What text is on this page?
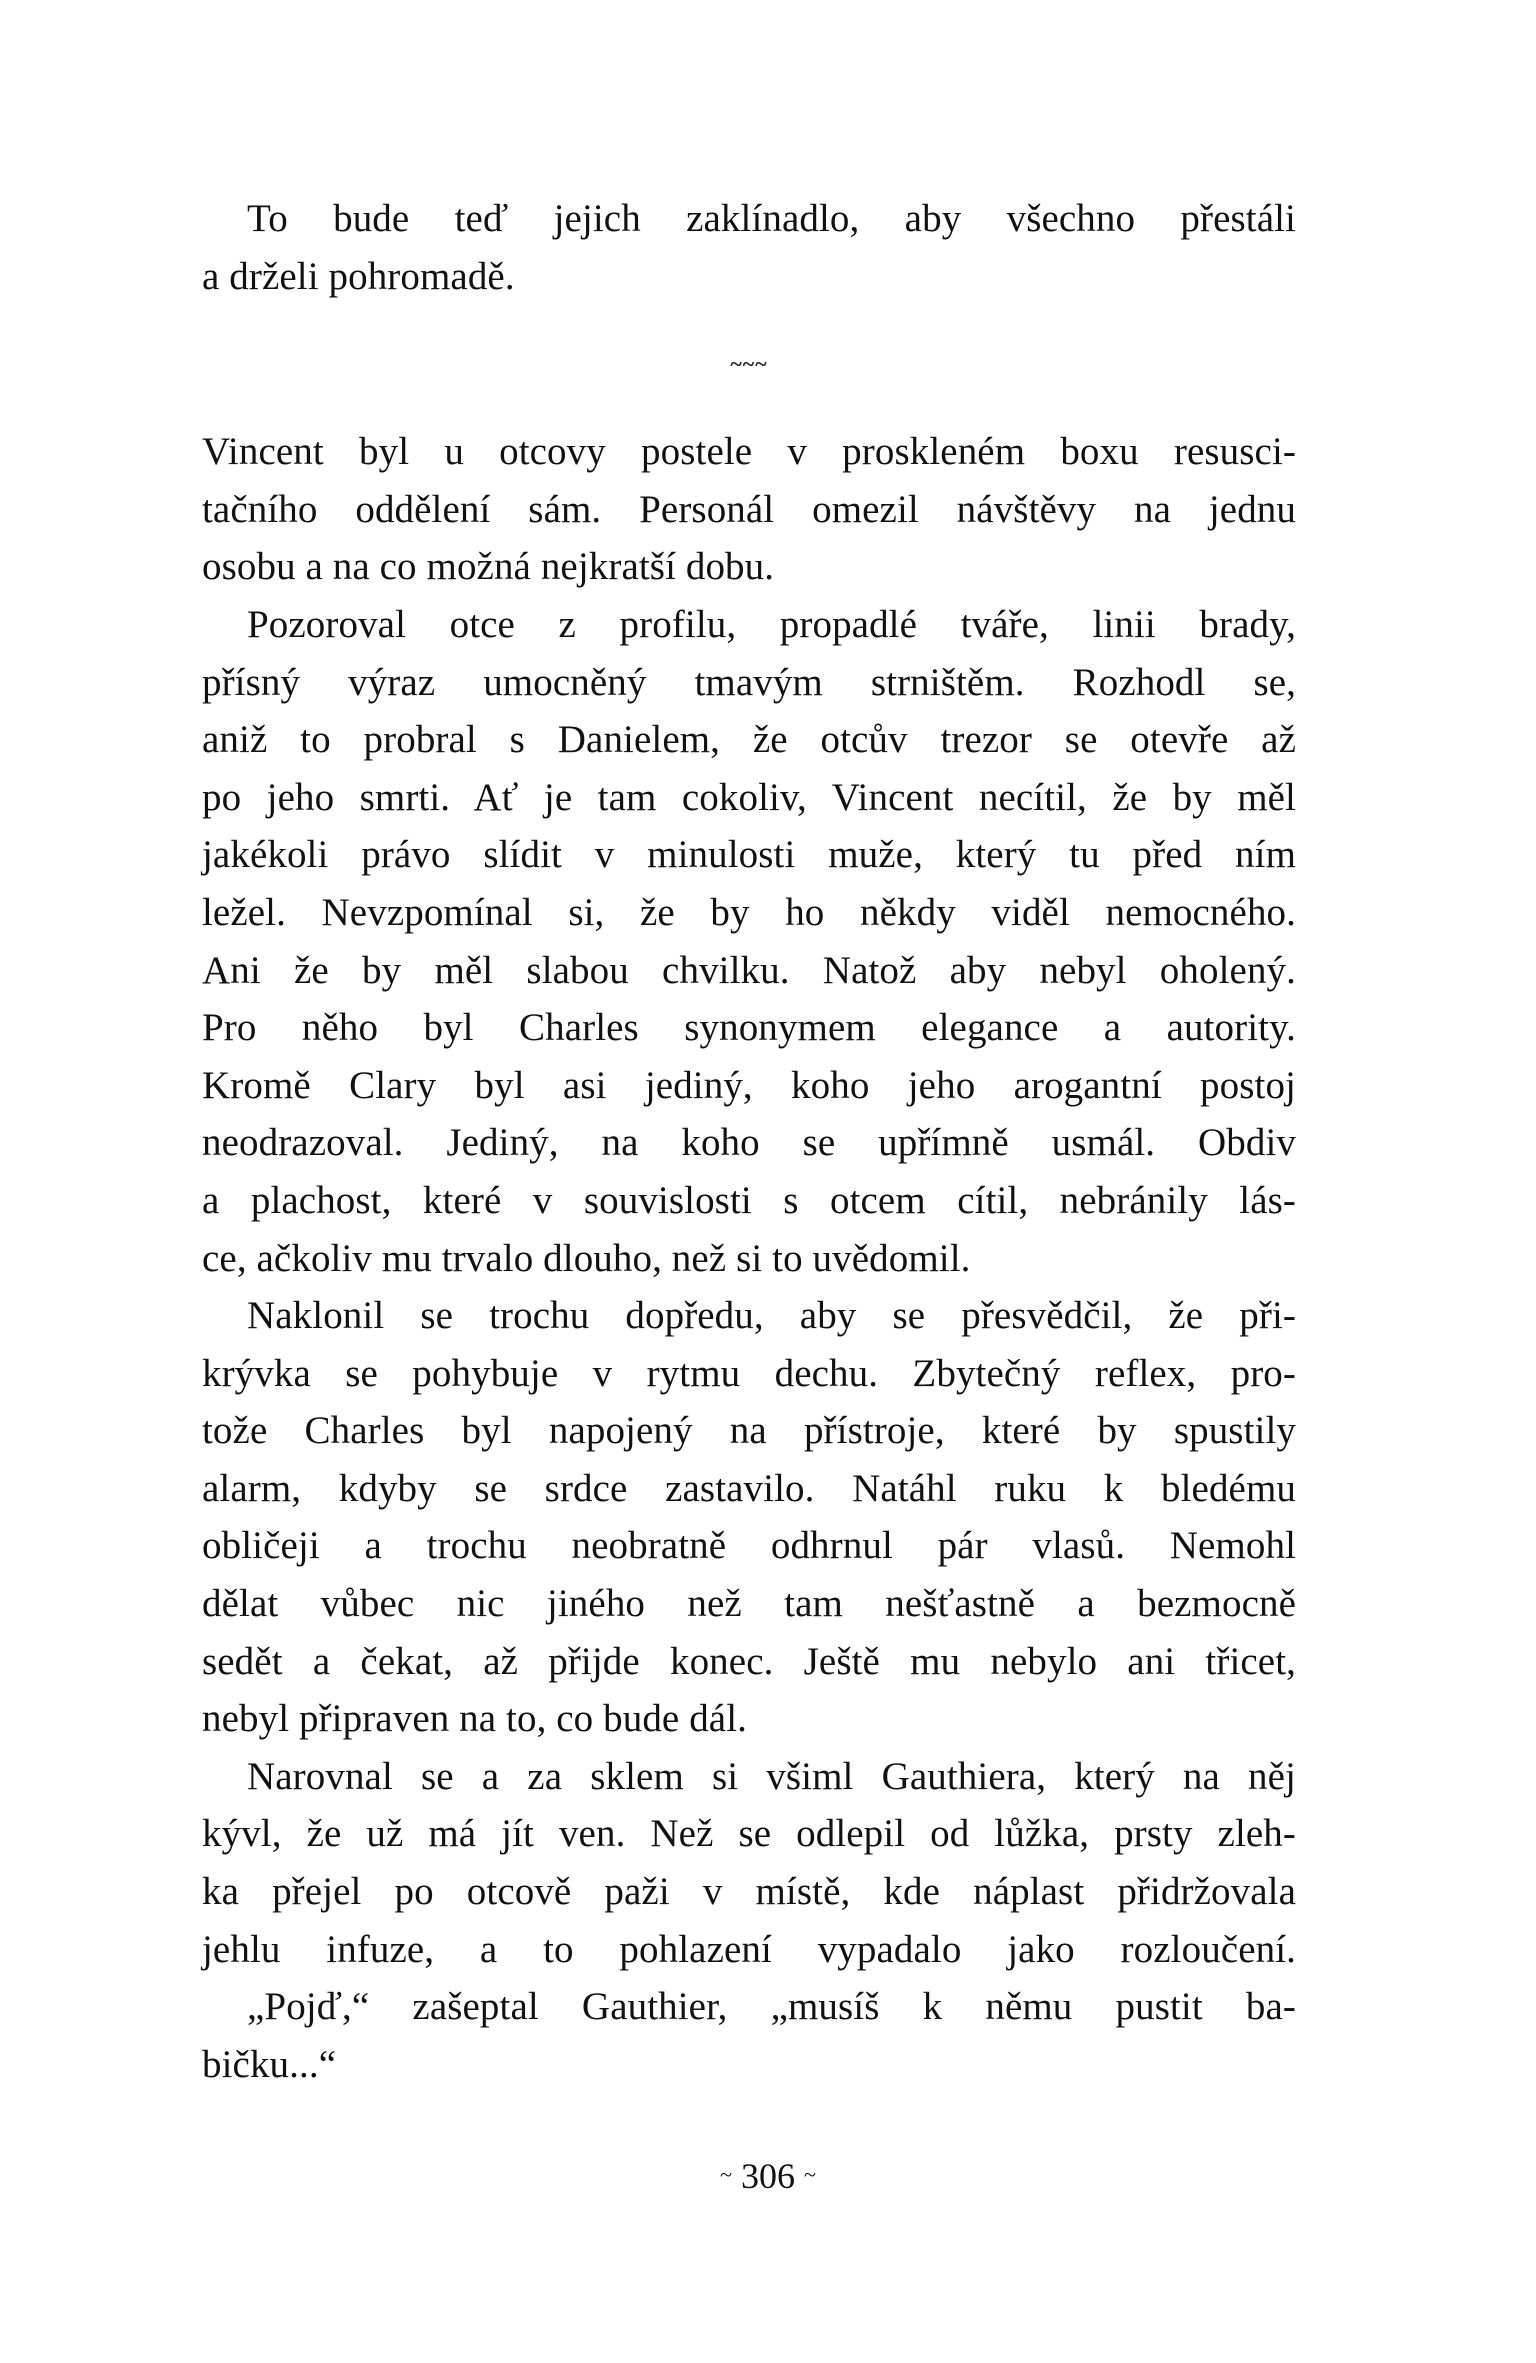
To bude teď jejich zaklínadlo, aby všechno přestáli
a drželi pohromadě.
~~~
Vincent byl u otcovy postele v proskleném boxu resusci-
tačního oddělení sám. Personál omezil návštěvy na jednu
osobu a na co možná nejkratší dobu.
Pozoroval otce z profilu, propadlé tváře, linii brady,
přísný výraz umocněný tmavým strništěm. Rozhodl se,
aniž to probral s Danielem, že otcův trezor se otevře až
po jeho smrti. Ať je tam cokoliv, Vincent necítil, že by měl
jakékoli právo slídit v minulosti muže, který tu před ním
ležel. Nevzpomínal si, že by ho někdy viděl nemocného.
Ani že by měl slabou chvilku. Natož aby nebyl oholený.
Pro něho byl Charles synonymem elegance a autority.
Kromě Clary byl asi jediný, koho jeho arogantní postoj
neodrazoval. Jediný, na koho se upřímně usmál. Obdiv
a plachost, které v souvislosti s otcem cítil, nebránily lás-
ce, ačkoliv mu trvalo dlouho, než si to uvědomil.
Naklonil se trochu dopředu, aby se přesvědčil, že při-
krývka se pohybuje v rytmu dechu. Zbytečný reflex, pro-
tože Charles byl napojený na přístroje, které by spustily
alarm, kdyby se srdce zastavilo. Natáhl ruku k bledému
obličeji a trochu neobratně odhrnul pár vlasů. Nemohl
dělat vůbec nic jiného než tam nešťastně a bezmocně
sedět a čekat, až přijde konec. Ještě mu nebylo ani třicet,
nebyl připraven na to, co bude dál.
Narovnal se a za sklem si všiml Gauthiera, který na něj
kývl, že už má jít ven. Než se odlepil od lůžka, prsty zleh-
ka přejel po otcově paži v místě, kde náplast přidržovala
jehlu infuze, a to pohlazení vypadalo jako rozloučení.
„Pojď,“ zašeptal Gauthier, „musíš k němu pustit ba-
bičku...“
~ 306 ~
